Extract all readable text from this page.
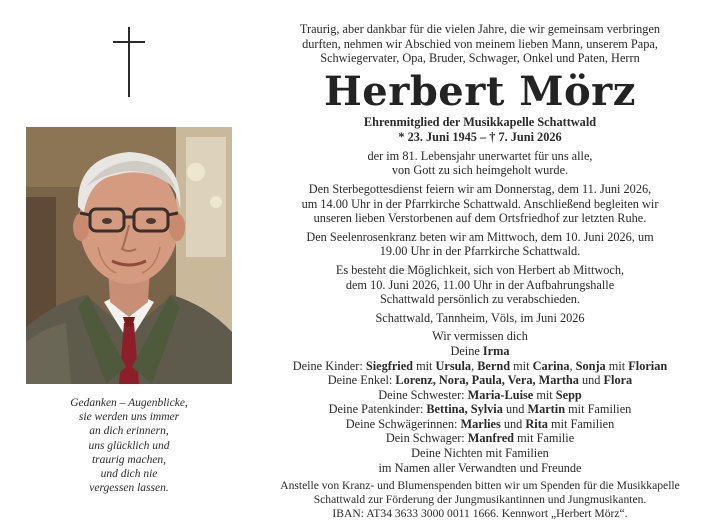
Gedanken – Augenblicke,
sie werden uns immer
an dich erinnern,
uns glücklich und
traurig machen,
und dich nie
vergessen lassen.
Traurig, aber dankbar für die vielen Jahre, die wir gemeinsam verbringen
durften, nehmen wir Abschied von meinem lieben Mann, unserem Papa,
Schwiegervater, Opa, Bruder, Schwager, Onkel und Paten, Herrn
Herbert Mörz
Ehrenmitglied der Musikkapelle Schattwald
* 23. Juni 1945 – † 7. Juni 2026
der im 81. Lebensjahr unerwartet für uns alle,
von Gott zu sich heimgeholt wurde.
Den Sterbegottesdienst feiern wir am Donnerstag, dem 11. Juni 2026,
um 14.00 Uhr in der Pfarrkirche Schattwald. Anschließend begleiten wir
unseren lieben Verstorbenen auf dem Ortsfriedhof zur letzten Ruhe.
Den Seelenrosenkranz beten wir am Mittwoch, dem 10. Juni 2026, um
19.00 Uhr in der Pfarrkirche Schattwald.
Es besteht die Möglichkeit, sich von Herbert ab Mittwoch,
dem 10. Juni 2026, 11.00 Uhr in der Aufbahrungshalle
Schattwald persönlich zu verabschieden.
Schattwald, Tannheim, Völs, im Juni 2026
Wir vermissen dich
Deine Irma
Deine Kinder: Siegfried mit Ursula, Bernd mit Carina, Sonja mit Florian
Deine Enkel: Lorenz, Nora, Paula, Vera, Martha und Flora
Deine Schwester: Maria-Luise mit Sepp
Deine Patenkinder: Bettina, Sylvia und Martin mit Familien
Deine Schwägerinnen: Marlies und Rita mit Familien
Dein Schwager: Manfred mit Familie
Deine Nichten mit Familien
im Namen aller Verwandten und Freunde
Anstelle von Kranz- und Blumenspenden bitten wir um Spenden für die Musikkapelle
Schattwald zur Förderung der Jungmusikantinnen und Jungmusikanten.
IBAN: AT34 3633 3000 0011 1666. Kennwort „Herbert Mörz“.
